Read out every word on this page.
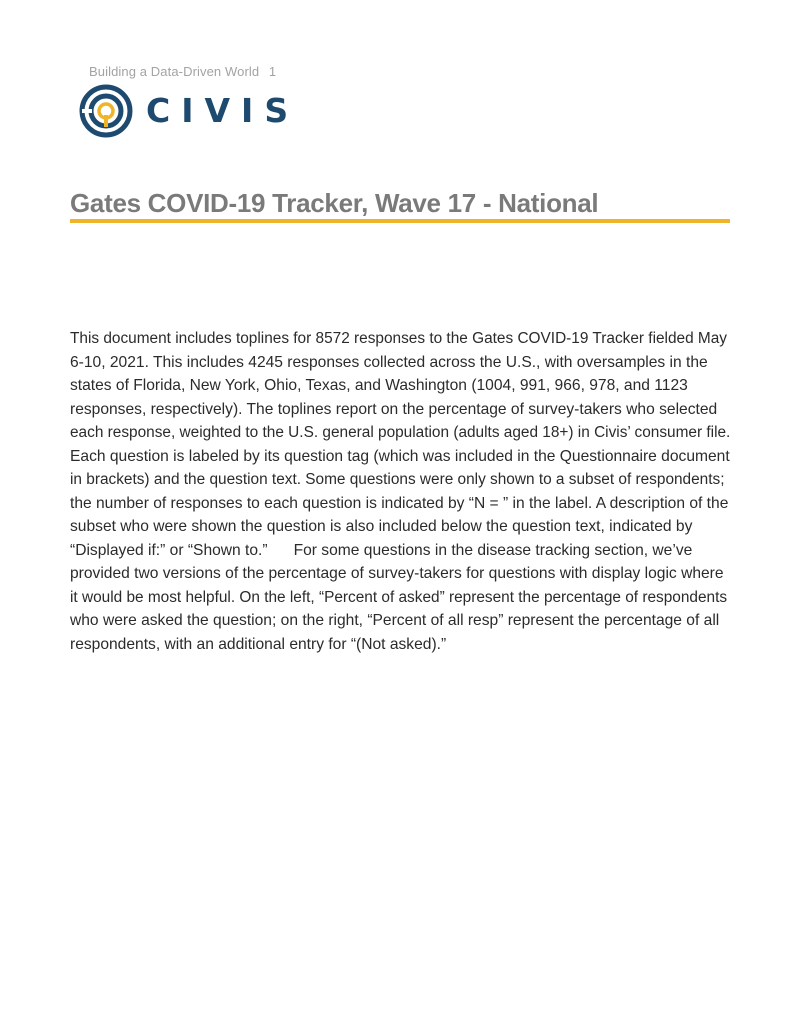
Building a Data-Driven World 1
CIVIS
Gates COVID-19 Tracker, Wave 17 - National

This document includes toplines for 8572 responses to the Gates COVID-19 Tracker fielded May
6-10, 2021. This includes 4245 responses collected across the U.S., with oversamples in the
states of Florida, New York, Ohio, Texas, and Washington (1004, 991, 966, 978, and 1123
responses, respectively). The toplines report on the percentage of survey-takers who selected
each response, weighted to the U.S. general population (adults aged 18+) in Civis’ consumer file.
Each question is labeled by its question tag (which was included in the Questionnaire document
in brackets) and the question text. Some questions were only shown to a subset of respondents;
the number of responses to each question is indicated by “N = ” in the label. A description of the
subset who were shown the question is also included below the question text, indicated by
“Displayed if:” or “Shown to.”      For some questions in the disease tracking section, we’ve
provided two versions of the percentage of survey-takers for questions with display logic where
it would be most helpful. On the left, “Percent of asked” represent the percentage of respondents
who were asked the question; on the right, “Percent of all resp” represent the percentage of all
respondents, with an additional entry for “(Not asked).”
